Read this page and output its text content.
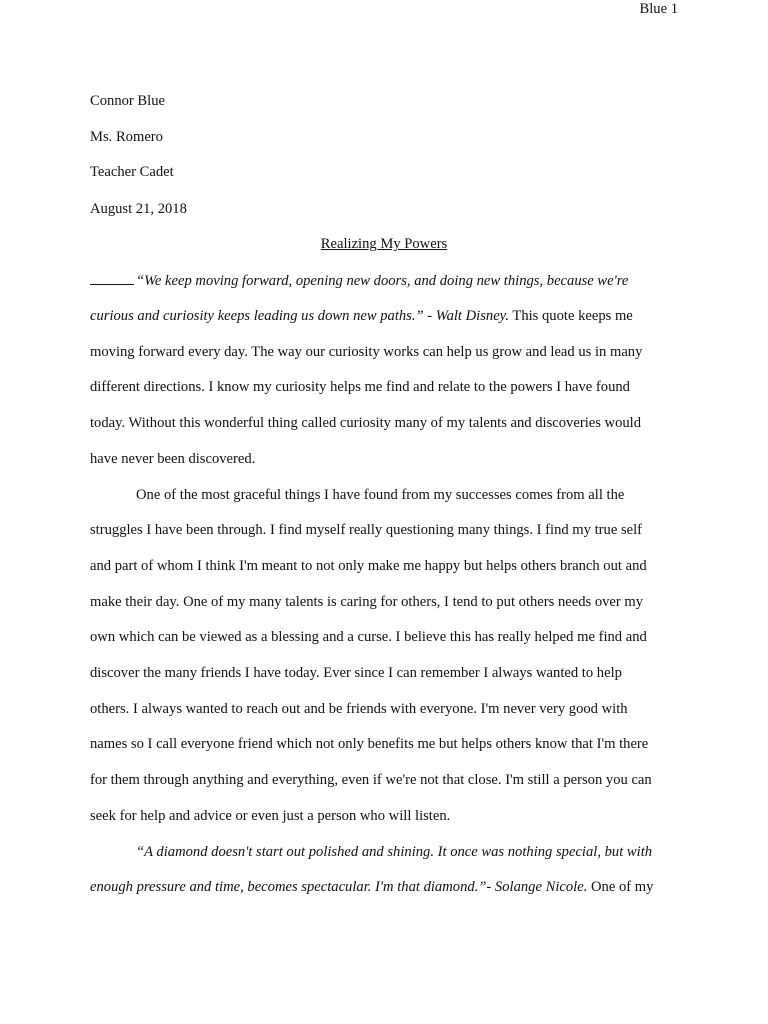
Blue 1
Connor Blue
Ms. Romero
Teacher Cadet
August 21, 2018
Realizing My Powers
“We keep moving forward, opening new doors, and doing new things, because we're
curious and curiosity keeps leading us down new paths.” - Walt Disney. This quote keeps me
moving forward every day. The way our curiosity works can help us grow and lead us in many
different directions. I know my curiosity helps me find and relate to the powers I have found
today. Without this wonderful thing called curiosity many of my talents and discoveries would
have never been discovered.
One of the most graceful things I have found from my successes comes from all the
struggles I have been through. I find myself really questioning many things. I find my true self
and part of whom I think I'm meant to not only make me happy but helps others branch out and
make their day. One of my many talents is caring for others, I tend to put others needs over my
own which can be viewed as a blessing and a curse. I believe this has really helped me find and
discover the many friends I have today. Ever since I can remember I always wanted to help
others. I always wanted to reach out and be friends with everyone. I'm never very good with
names so I call everyone friend which not only benefits me but helps others know that I'm there
for them through anything and everything, even if we're not that close. I'm still a person you can
seek for help and advice or even just a person who will listen.
“A diamond doesn't start out polished and shining. It once was nothing special, but with
enough pressure and time, becomes spectacular. I'm that diamond.”- Solange Nicole. One of my
